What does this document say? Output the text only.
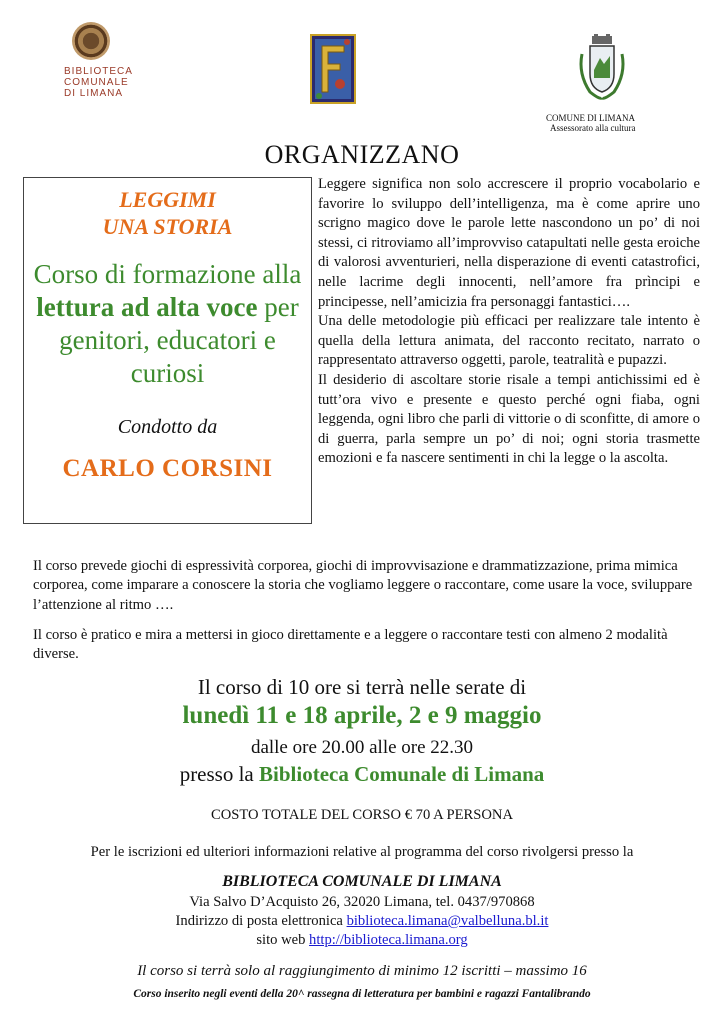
BIBLIOTECA
COMUNALE
DI LIMANA
COMUNE DI LIMANA
Assessorato alla cultura
ORGANIZZANO
LEGGIMI
UNA STORIA
Corso di formazione alla lettura ad alta voce per genitori, educatori e curiosi
Condotto da
CARLO CORSINI

Leggere significa non solo accrescere il proprio vocabolario e favorire lo sviluppo dell’intelligenza, ma è come aprire uno scrigno magico dove le parole lette nascondono un po’ di noi stessi, ci ritroviamo all’improvviso catapultati nelle gesta eroiche di valorosi avventurieri, nella disperazione di eventi catastrofici, nelle lacrime degli innocenti, nell’amore fra prìncipi e principesse, nell’amicizia fra personaggi fantastici….

Una delle metodologie più efficaci per realizzare tale intento è quella della lettura animata, del racconto recitato, narrato o rappresentato attraverso oggetti, parole, teatralità e pupazzi.

Il desiderio di ascoltare storie risale a tempi antichissimi ed è tutt’ora vivo e presente e questo perché ogni fiaba, ogni leggenda, ogni libro che parli di vittorie o di sconfitte, di amore o di guerra, parla sempre un po’ di noi; ogni storia trasmette emozioni e fa nascere sentimenti in chi la legge o la ascolta.

Il corso prevede giochi di espressività corporea, giochi di improvvisazione e drammatizzazione, prima mimica corporea, come imparare a conoscere la storia che vogliamo leggere o raccontare, come usare la voce, sviluppare l’attenzione al ritmo ….

Il corso è pratico e mira a mettersi in gioco direttamente e a leggere o raccontare testi con almeno 2 modalità diverse.

Il corso di 10 ore si terrà nelle serate di
lunedì 11 e 18 aprile, 2 e 9 maggio
dalle ore 20.00 alle ore 22.30
presso la Biblioteca Comunale di Limana
COSTO TOTALE DEL CORSO € 70 A PERSONA
Per le iscrizioni ed ulteriori informazioni relative al programma del corso rivolgersi presso la
BIBLIOTECA COMUNALE DI LIMANA
Via Salvo D’Acquisto 26, 32020 Limana, tel. 0437/970868
Indirizzo di posta elettronica biblioteca.limana@valbelluna.bl.it
sito web http://biblioteca.limana.org
Il corso si terrà solo al raggiungimento di minimo 12 iscritti – massimo 16
Corso inserito negli eventi della 20^ rassegna di letteratura per bambini e ragazzi Fantalibrando
